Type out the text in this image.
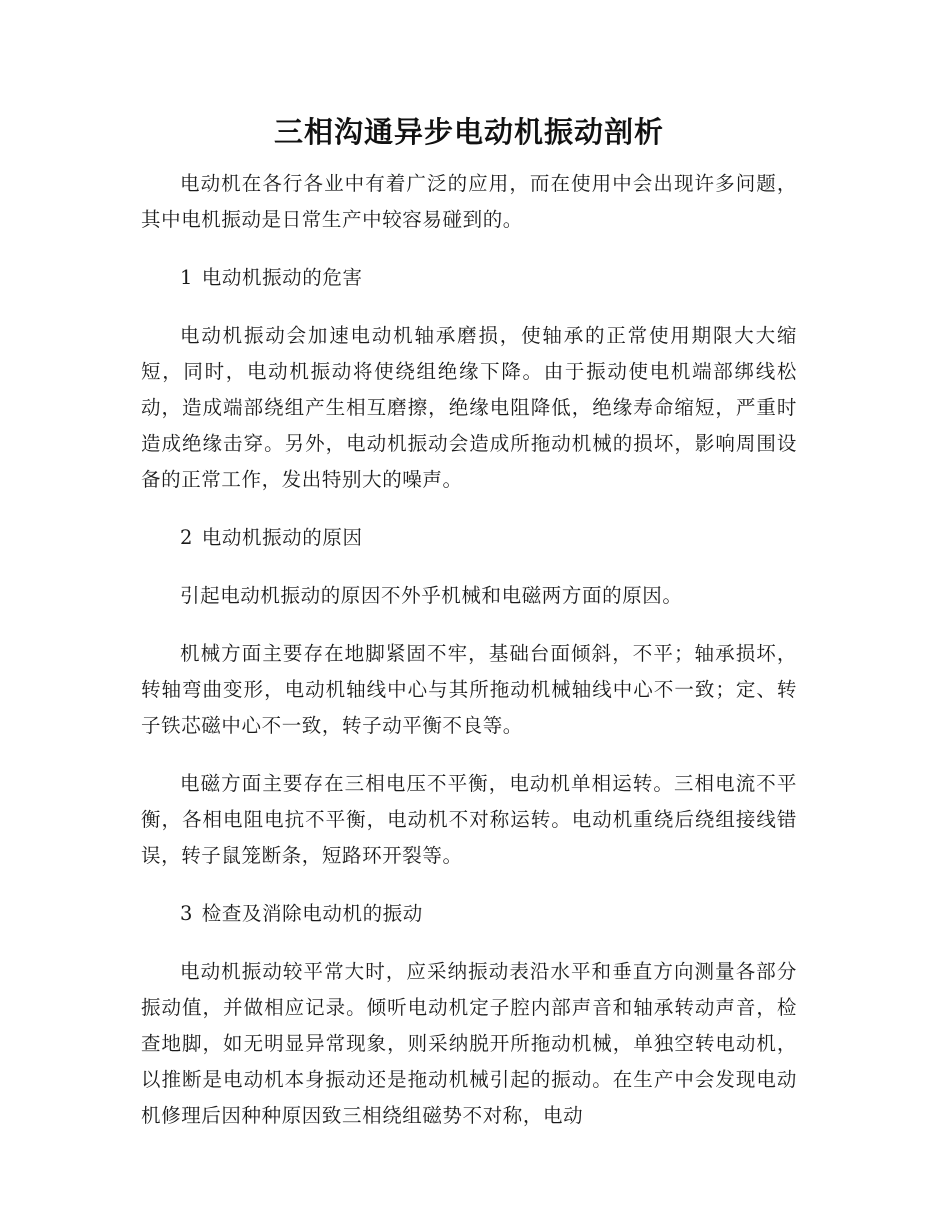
三相沟通异步电动机振动剖析

电动机在各行各业中有着广泛的应用，而在使用中会出现许多问题，其中电机振动是日常生产中较容易碰到的。

1 电动机振动的危害

电动机振动会加速电动机轴承磨损，使轴承的正常使用期限大大缩短，同时，电动机振动将使绕组绝缘下降。由于振动使电机端部绑线松动，造成端部绕组产生相互磨擦，绝缘电阻降低，绝缘寿命缩短，严重时造成绝缘击穿。另外，电动机振动会造成所拖动机械的损坏，影响周围设备的正常工作，发出特别大的噪声。

2 电动机振动的原因

引起电动机振动的原因不外乎机械和电磁两方面的原因。

机械方面主要存在地脚紧固不牢，基础台面倾斜，不平；轴承损坏，转轴弯曲变形，电动机轴线中心与其所拖动机械轴线中心不一致；定、转子铁芯磁中心不一致，转子动平衡不良等。

电磁方面主要存在三相电压不平衡，电动机单相运转。三相电流不平衡，各相电阻电抗不平衡，电动机不对称运转。电动机重绕后绕组接线错误，转子鼠笼断条，短路环开裂等。

3 检查及消除电动机的振动

电动机振动较平常大时，应采纳振动表沿水平和垂直方向测量各部分振动值，并做相应记录。倾听电动机定子腔内部声音和轴承转动声音，检查地脚，如无明显异常现象，则采纳脱开所拖动机械，单独空转电动机，以推断是电动机本身振动还是拖动机械引起的振动。在生产中会发现电动机修理后因种种原因致三相绕组磁势不对称，电动
